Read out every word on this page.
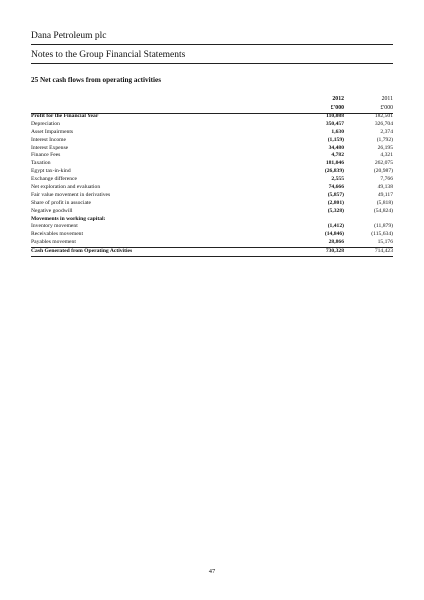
Dana Petroleum plc
Notes to the Group Financial Statements
25 Net cash flows from operating activities
2012	2011
£'000	£'000
Profit for the Financial Year	110,088	182,501
Depreciation	350,457	326,704
Asset Impairments	1,630	2,374
Interest Income	(1,159)	(1,792)
Interest Expense	34,480	26,195
Finance Fees	4,782	4,321
Taxation	181,046	262,075
Egypt tax-in-kind	(26,839)	(20,987)
Exchange difference	2,555	7,766
Net exploration and evaluation	74,666	49,138
Fair value movement in derivatives	(5,857)	49,117
Share of profit in associate	(2,801)	(5,818)
Negative goodwill	(5,328)	(54,824)
Movements in working capital:
Inventory movement	(1,412)	(11,879)
Receivables movement	(14,846)	(115,634)
Payables movement	28,866	15,176
Cash Generated from Operating Activities	730,328	714,423
47
